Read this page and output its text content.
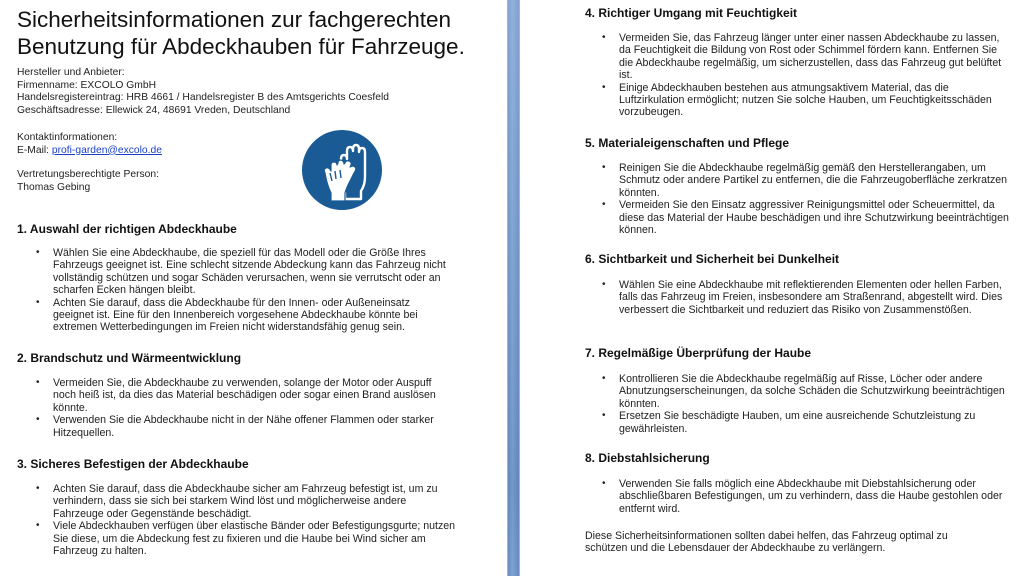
Sicherheitsinformationen zur fachgerechten
Benutzung für Abdeckhauben für Fahrzeuge.

Hersteller und Anbieter:

Firmenname: EXCOLO GmbH

Handelsregistereintrag: HRB 4661 / Handelsregister B des Amtsgerichts Coesfeld

Geschäftsadresse: Ellewick 24, 48691 Vreden, Deutschland

Kontaktinformationen:

E-Mail: profi-garden@excolo.de

Vertretungsberechtigte Person:

Thomas Gebing

1. Auswahl der richtigen Abdeckhaube
• Wählen Sie eine Abdeckhaube, die speziell für das Modell oder die Größe Ihres Fahrzeugs geeignet ist. Eine schlecht sitzende Abdeckung kann das Fahrzeug nicht vollständig schützen und sogar Schäden verursachen, wenn sie verrutscht oder an scharfen Ecken hängen bleibt.
• Achten Sie darauf, dass die Abdeckhaube für den Innen- oder Außeneinsatz geeignet ist. Eine für den Innenbereich vorgesehene Abdeckhaube könnte bei extremen Wetterbedingungen im Freien nicht widerstandsfähig genug sein.
2. Brandschutz und Wärmeentwicklung
• Vermeiden Sie, die Abdeckhaube zu verwenden, solange der Motor oder Auspuff noch heiß ist, da dies das Material beschädigen oder sogar einen Brand auslösen könnte.
• Verwenden Sie die Abdeckhaube nicht in der Nähe offener Flammen oder starker Hitzequellen.
3. Sicheres Befestigen der Abdeckhaube
• Achten Sie darauf, dass die Abdeckhaube sicher am Fahrzeug befestigt ist, um zu verhindern, dass sie sich bei starkem Wind löst und möglicherweise andere Fahrzeuge oder Gegenstände beschädigt.
• Viele Abdeckhauben verfügen über elastische Bänder oder Befestigungsgurte; nutzen Sie diese, um die Abdeckung fest zu fixieren und die Haube bei Wind sicher am Fahrzeug zu halten.
4. Richtiger Umgang mit Feuchtigkeit
• Vermeiden Sie, das Fahrzeug länger unter einer nassen Abdeckhaube zu lassen, da Feuchtigkeit die Bildung von Rost oder Schimmel fördern kann. Entfernen Sie die Abdeckhaube regelmäßig, um sicherzustellen, dass das Fahrzeug gut belüftet ist.
• Einige Abdeckhauben bestehen aus atmungsaktivem Material, das die Luftzirkulation ermöglicht; nutzen Sie solche Hauben, um Feuchtigkeitsschäden vorzubeugen.
5. Materialeigenschaften und Pflege
• Reinigen Sie die Abdeckhaube regelmäßig gemäß den Herstellerangaben, um Schmutz oder andere Partikel zu entfernen, die die Fahrzeugoberfläche zerkratzen könnten.
• Vermeiden Sie den Einsatz aggressiver Reinigungsmittel oder Scheuermittel, da diese das Material der Haube beschädigen und ihre Schutzwirkung beeinträchtigen können.
6. Sichtbarkeit und Sicherheit bei Dunkelheit
• Wählen Sie eine Abdeckhaube mit reflektierenden Elementen oder hellen Farben, falls das Fahrzeug im Freien, insbesondere am Straßenrand, abgestellt wird. Dies verbessert die Sichtbarkeit und reduziert das Risiko von Zusammenstößen.
7. Regelmäßige Überprüfung der Haube
• Kontrollieren Sie die Abdeckhaube regelmäßig auf Risse, Löcher oder andere Abnutzungserscheinungen, da solche Schäden die Schutzwirkung beeinträchtigen könnten.
• Ersetzen Sie beschädigte Hauben, um eine ausreichende Schutzleistung zu gewährleisten.
8. Diebstahlsicherung
• Verwenden Sie falls möglich eine Abdeckhaube mit Diebstahlsicherung oder abschließbaren Befestigungen, um zu verhindern, dass die Haube gestohlen oder entfernt wird.

Diese Sicherheitsinformationen sollten dabei helfen, das Fahrzeug optimal zu schützen und die Lebensdauer der Abdeckhaube zu verlängern.
